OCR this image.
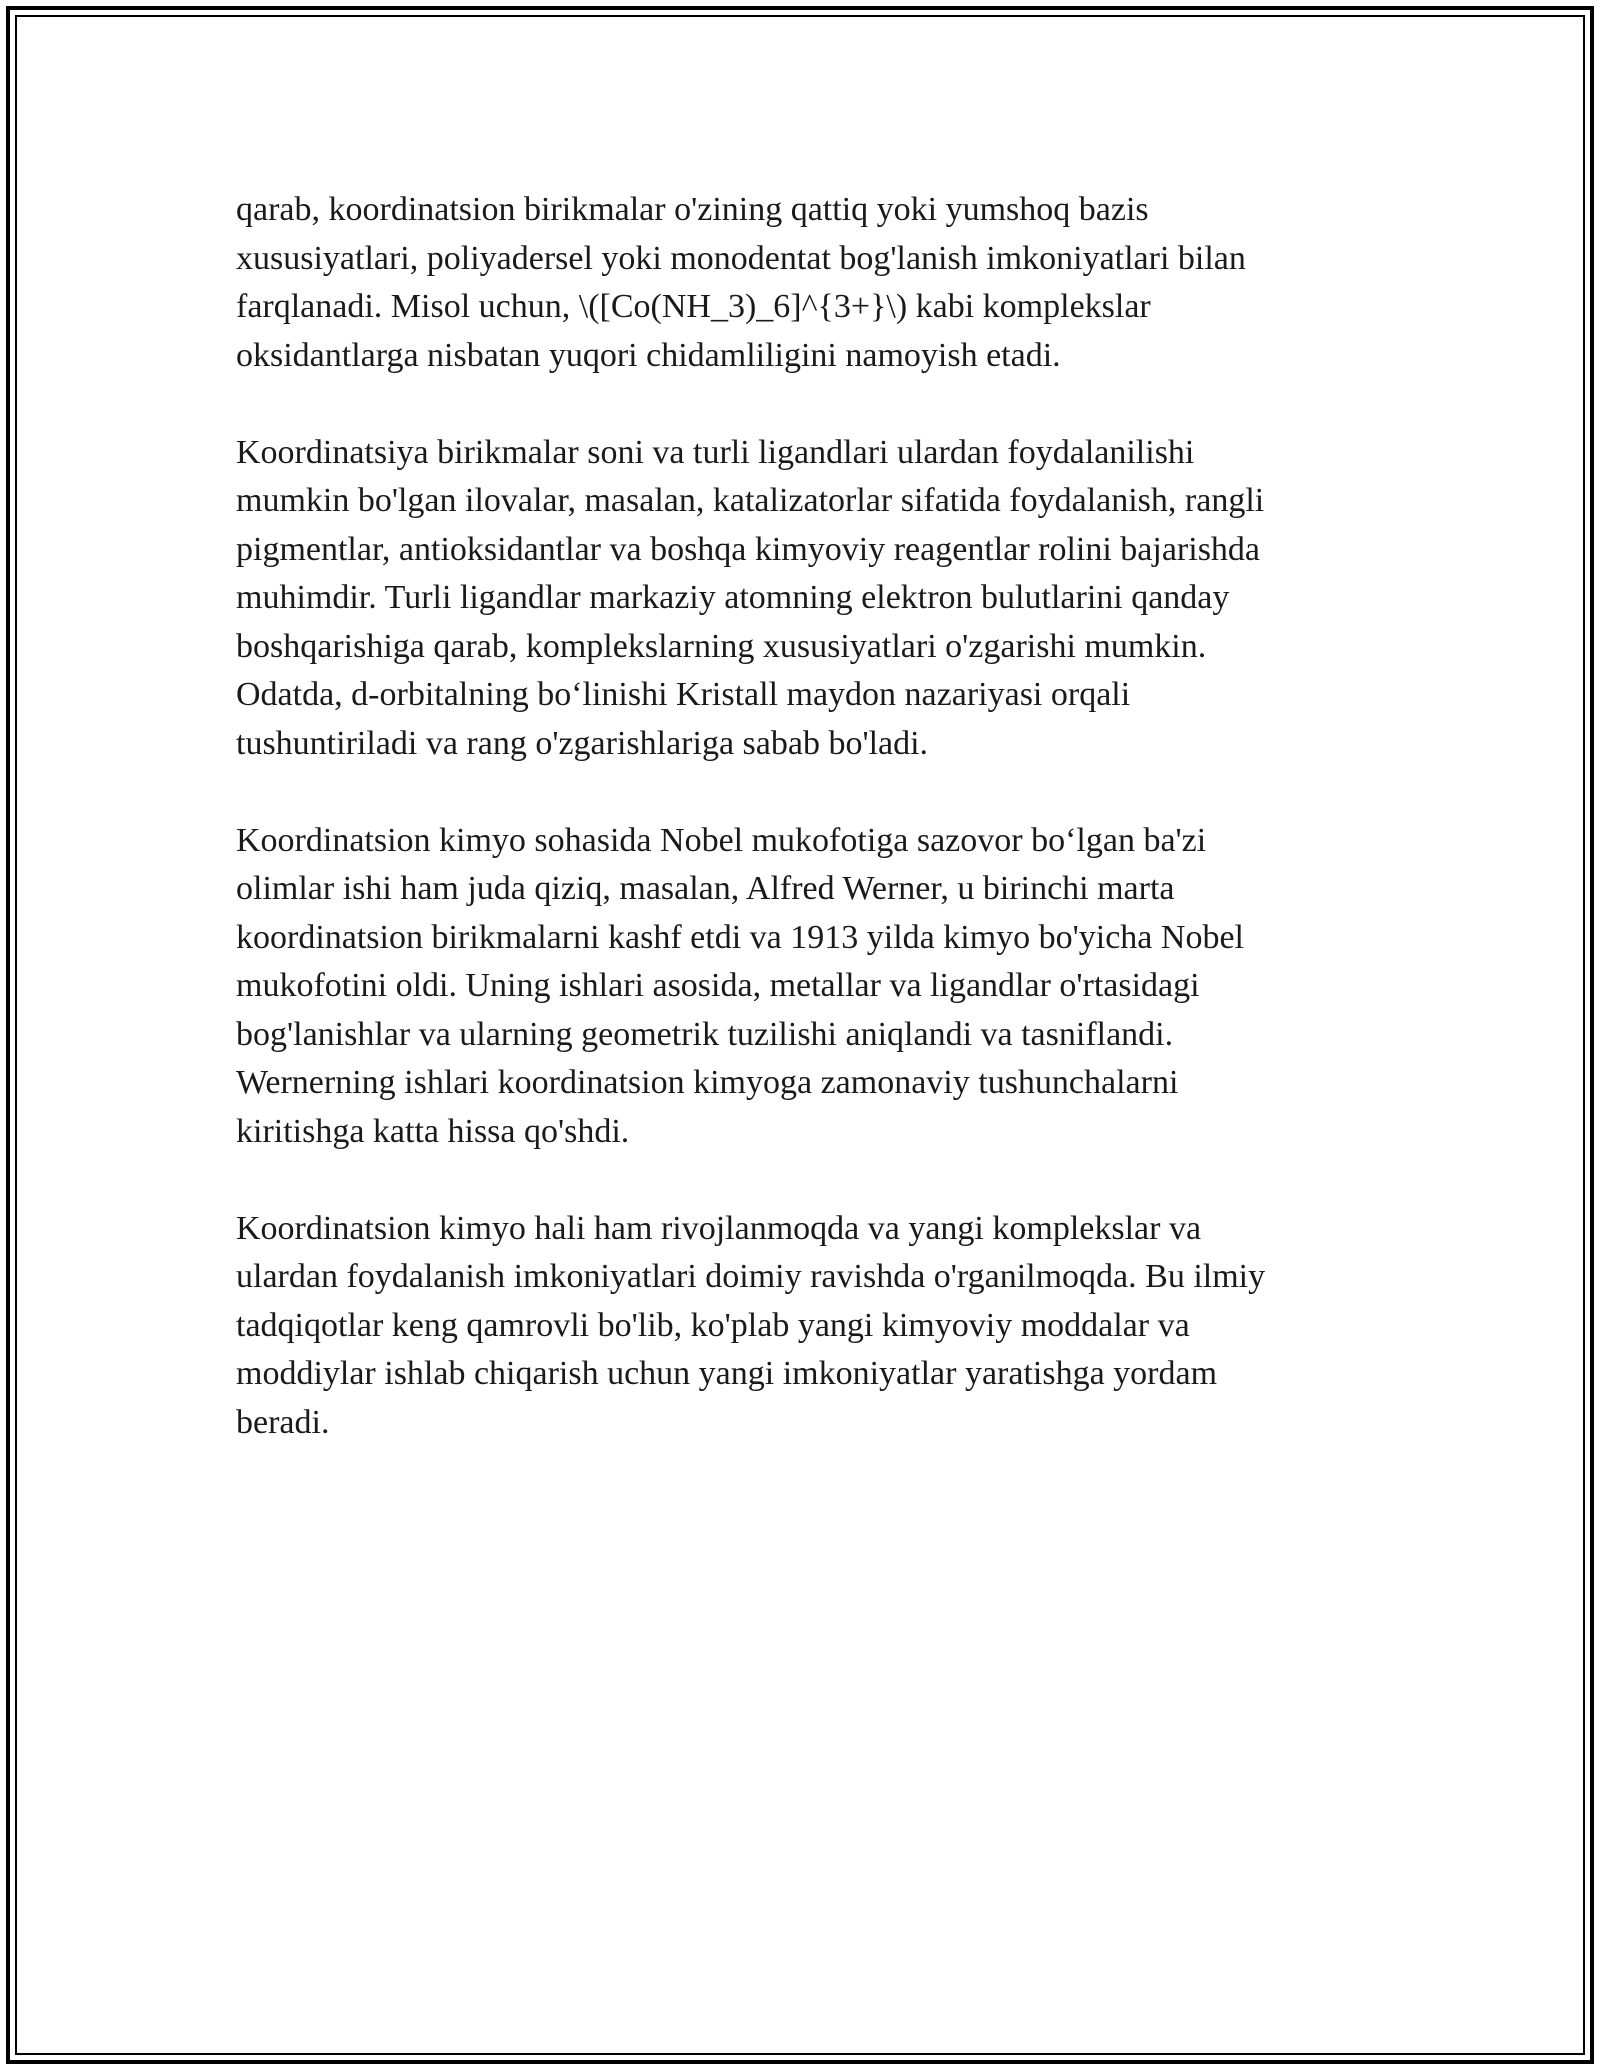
qarab, koordinatsion birikmalar o'zining qattiq yoki yumshoq bazis
xususiyatlari, poliyadersel yoki monodentat bog'lanish imkoniyatlari bilan
farqlanadi. Misol uchun, \([Co(NH_3)_6]^{3+}\) kabi komplekslar
oksidantlarga nisbatan yuqori chidamliligini namoyish etadi.

Koordinatsiya birikmalar soni va turli ligandlari ulardan foydalanilishi
mumkin bo'lgan ilovalar, masalan, katalizatorlar sifatida foydalanish, rangli
pigmentlar, antioksidantlar va boshqa kimyoviy reagentlar rolini bajarishda
muhimdir. Turli ligandlar markaziy atomning elektron bulutlarini qanday
boshqarishiga qarab, komplekslarning xususiyatlari o'zgarishi mumkin.
Odatda, d-orbitalning bo‘linishi Kristall maydon nazariyasi orqali
tushuntiriladi va rang o'zgarishlariga sabab bo'ladi.

Koordinatsion kimyo sohasida Nobel mukofotiga sazovor bo‘lgan ba'zi
olimlar ishi ham juda qiziq, masalan, Alfred Werner, u birinchi marta
koordinatsion birikmalarni kashf etdi va 1913 yilda kimyo bo'yicha Nobel
mukofotini oldi. Uning ishlari asosida, metallar va ligandlar o'rtasidagi
bog'lanishlar va ularning geometrik tuzilishi aniqlandi va tasniflandi.
Wernerning ishlari koordinatsion kimyoga zamonaviy tushunchalarni
kiritishga katta hissa qo'shdi.

Koordinatsion kimyo hali ham rivojlanmoqda va yangi komplekslar va
ulardan foydalanish imkoniyatlari doimiy ravishda o'rganilmoqda. Bu ilmiy
tadqiqotlar keng qamrovli bo'lib, ko'plab yangi kimyoviy moddalar va
moddiylar ishlab chiqarish uchun yangi imkoniyatlar yaratishga yordam
beradi.
